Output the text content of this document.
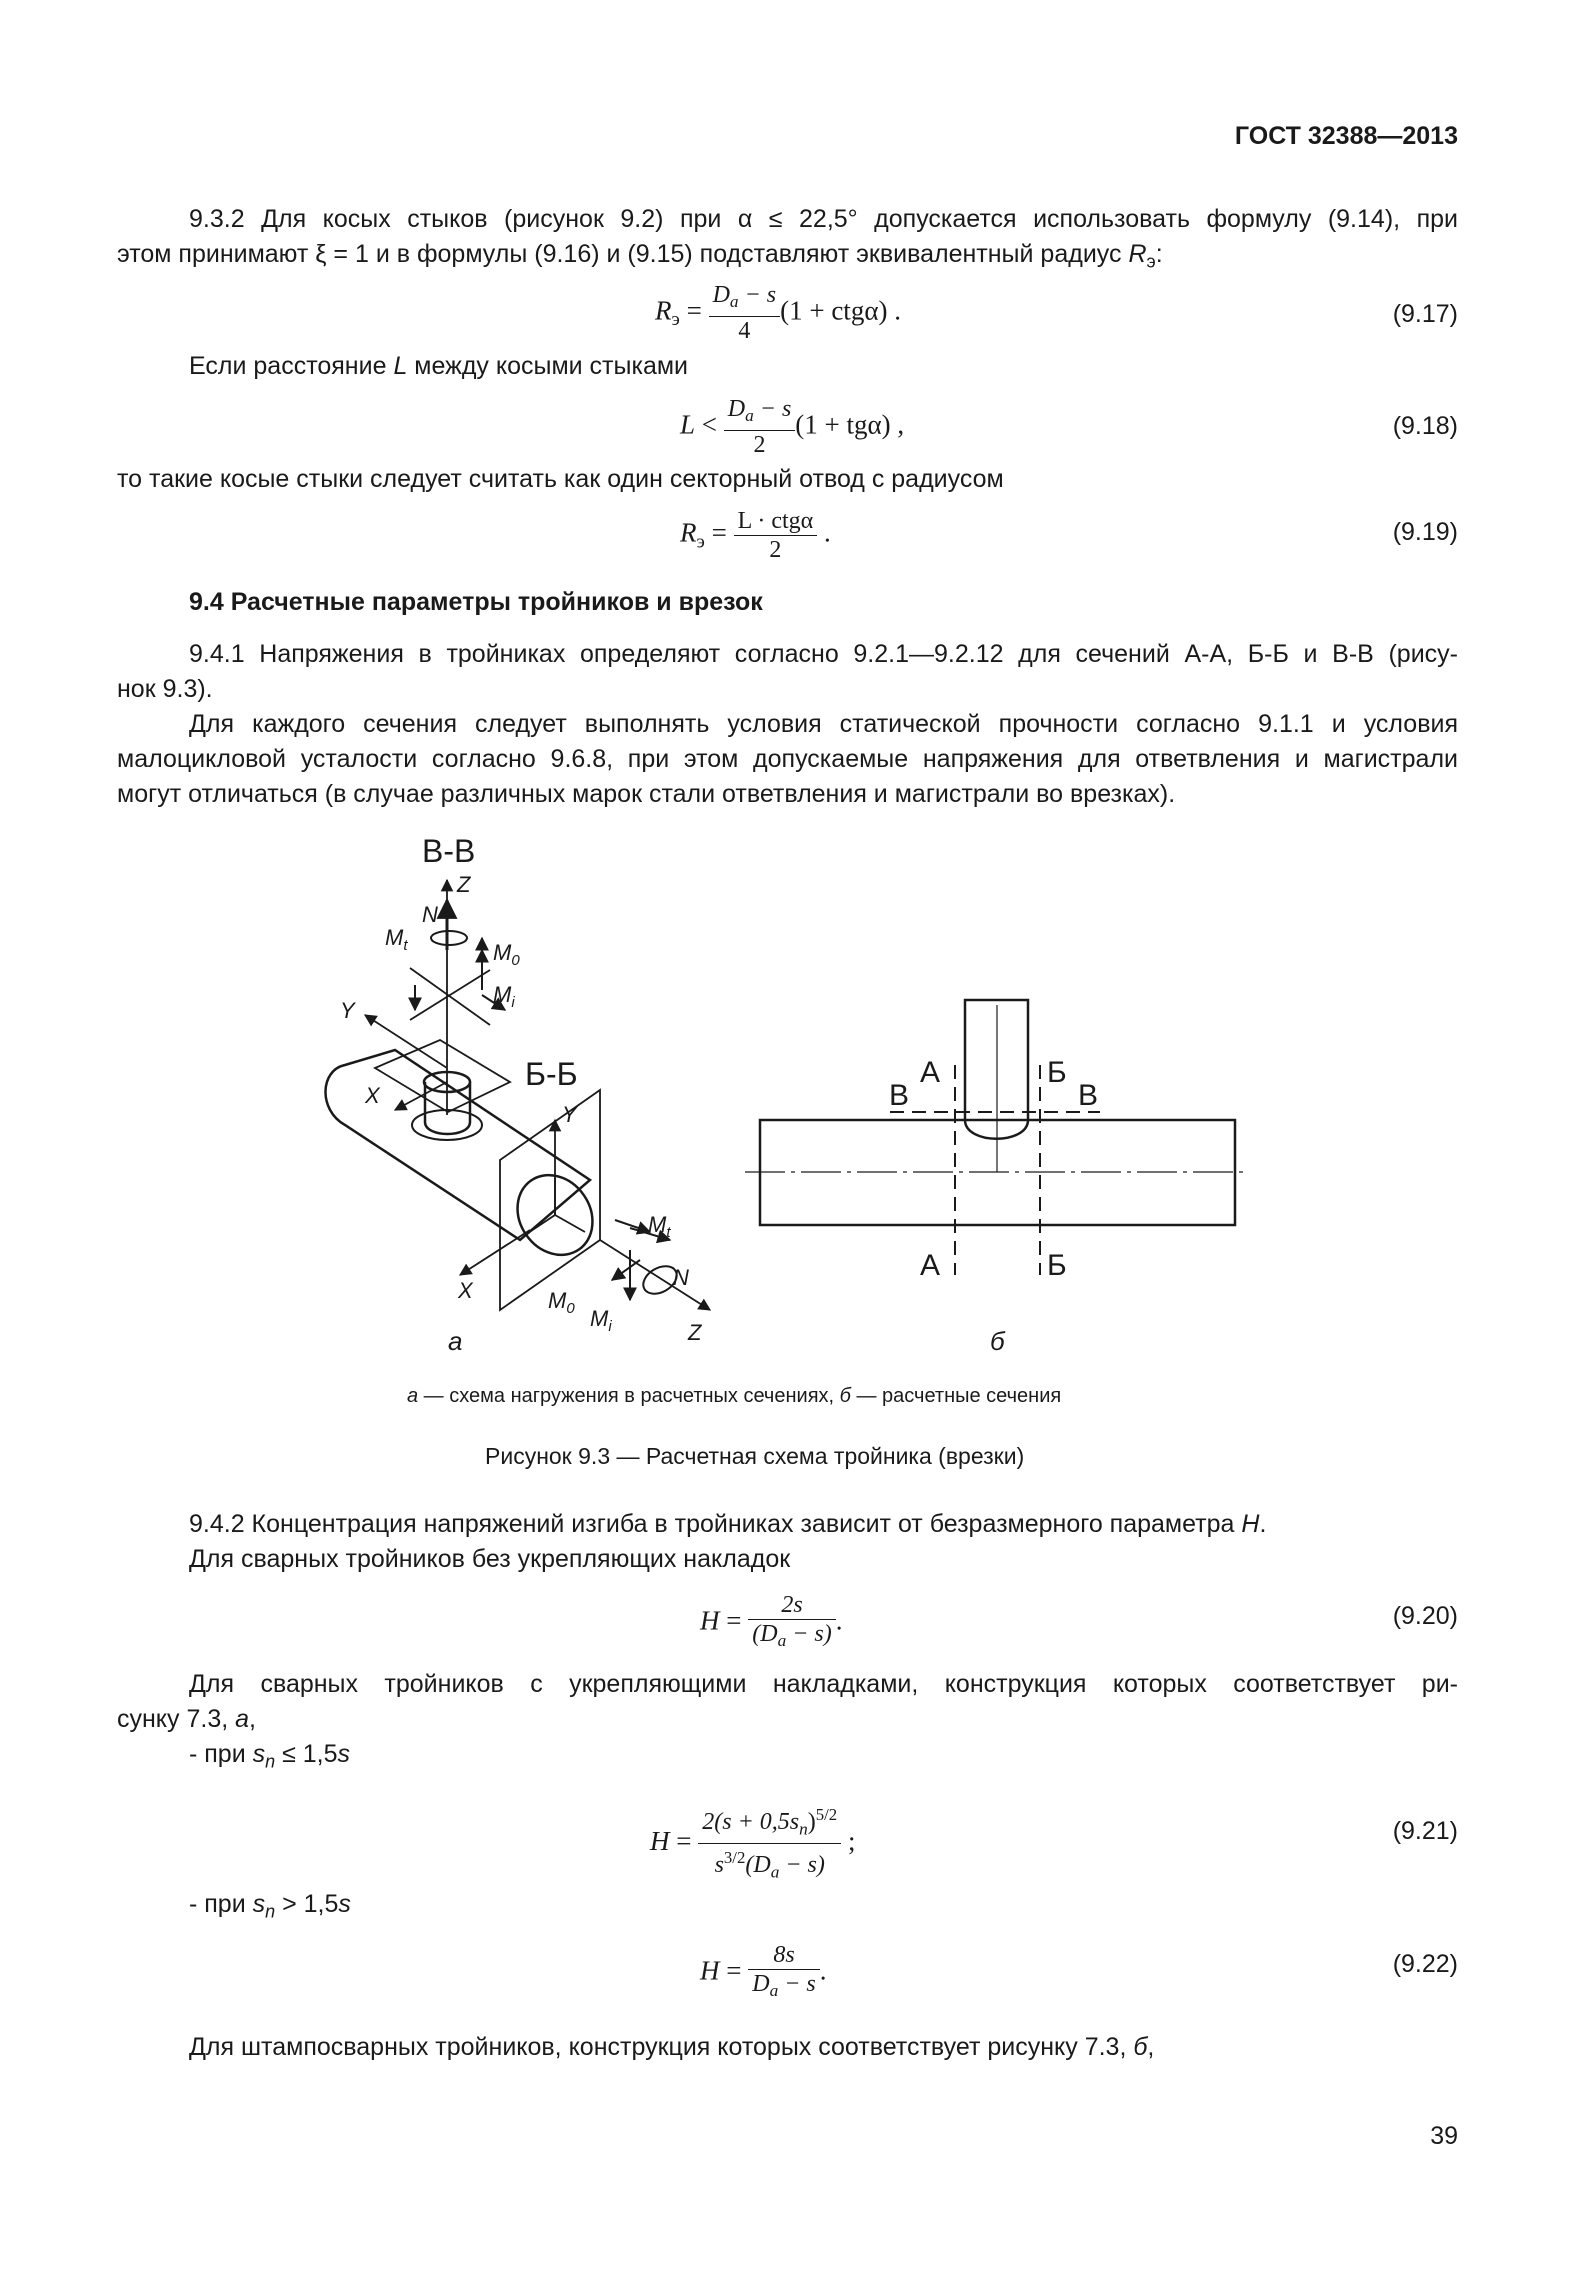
ГОСТ 32388—2013
9.3.2 Для косых стыков (рисунок 9.2) при α ≤ 22,5° допускается использовать формулу (9.14), при
этом принимают ξ = 1 и в формулы (9.16) и (9.15) подставляют эквивалентный радиус $R_э$:
$R_э = \frac{D_a - s}{4} (1 + ctg\alpha)$ .	(9.17)
Если расстояние L между косыми стыками
$L < \frac{D_a - s}{2} (1 + tg\alpha)$ ,	(9.18)
то такие косые стыки следует считать как один секторный отвод с радиусом
$R_э = \frac{\text{L · ctgα}}{2}$ .	(9.19)
9.4 Расчетные параметры тройников и врезок
9.4.1 Напряжения в тройниках определяют согласно 9.2.1—9.2.12 для сечений А-А, Б-Б и В-В (рису-
нок 9.3).
Для каждого сечения следует выполнять условия статической прочности согласно 9.1.1 и условия
малоцикловой усталости согласно 9.6.8, при этом допускаемые напряжения для ответвления и магистрали
могут отличаться (в случае различных марок стали ответвления и магистрали во врезках).
В-В
Б-Б
Z
N
$M_t$	$M_0$
$M_i$
Y
X
Y
X
$M_t$
N
$M_0$ $M_i$	Z
а
А	Б
В	В
А	Б
б
а — схема нагружения в расчетных сечениях, б — расчетные сечения
Рисунок 9.3 — Расчетная схема тройника (врезки)
9.4.2 Концентрация напряжений изгиба в тройниках зависит от безразмерного параметра H.
Для сварных тройников без укрепляющих накладок
$H = \frac{2s}{(D_a - s)}$ .	(9.20)
Для сварных тройников с укрепляющими накладками, конструкция которых соответствует ри-
сунку 7.3, а,
- при $s_n \le 1,5s$
$H = \frac{2(s + 0,5s_n)^{5/2}}{s^{3/2}(D_a - s)}$ ;	(9.21)
- при $s_n > 1,5s$
$H = \frac{8s}{D_a - s}$ .	(9.22)
Для штампосварных тройников, конструкция которых соответствует рисунку 7.3, б,
39
